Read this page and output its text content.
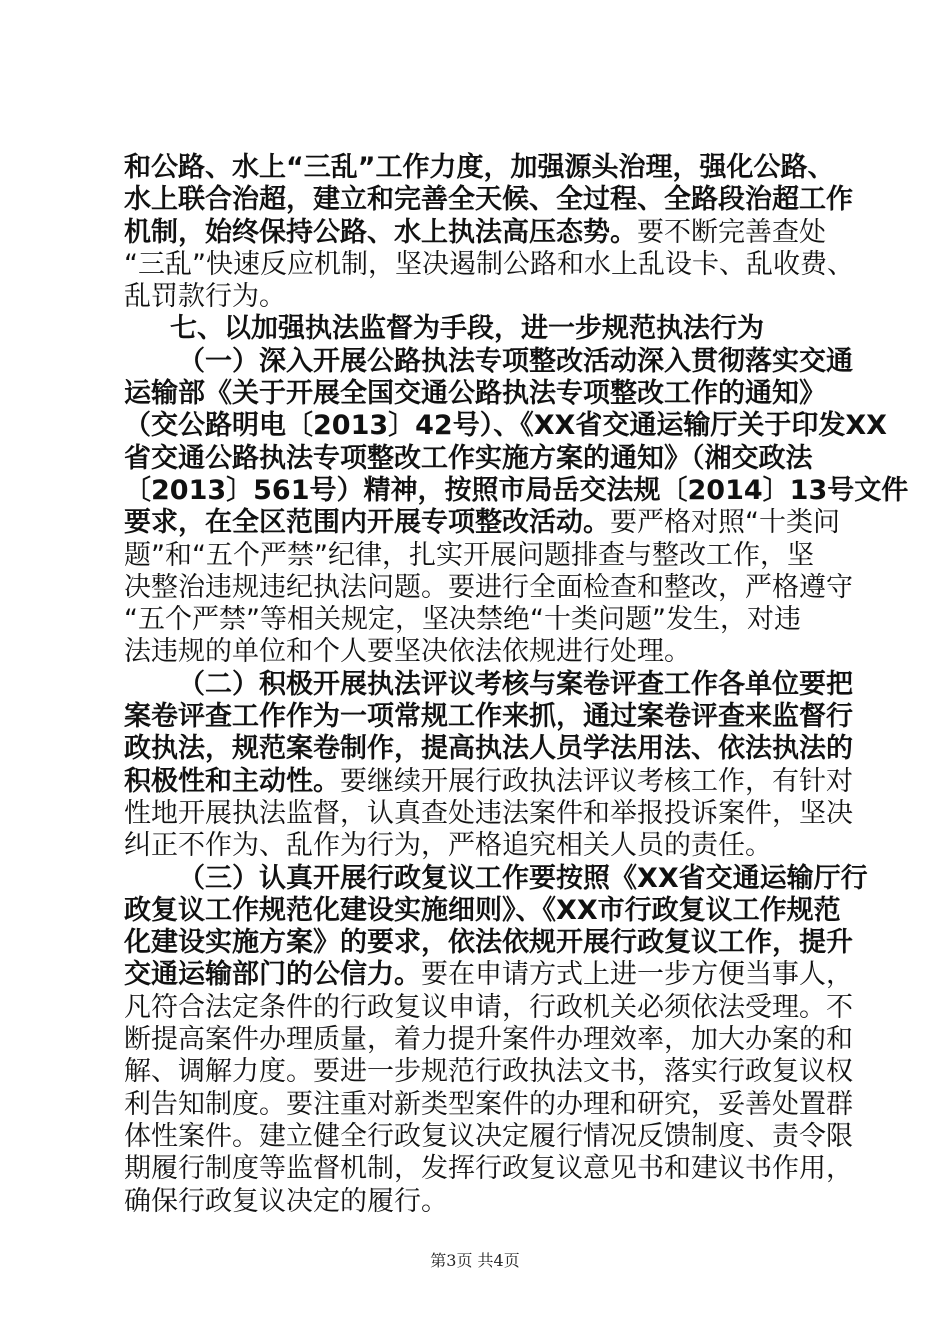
和公路、水上“三乱”工作力度，加强源头治理，强化公路、
水上联合治超，建立和完善全天候、全过程、全路段治超工作
机制，始终保持公路、水上执法高压态势。要不断完善查处
“三乱”快速反应机制，坚决遏制公路和水上乱设卡、乱收费、
乱罚款行为。
七、以加强执法监督为手段，进一步规范执法行为
（一）深入开展公路执法专项整改活动深入贯彻落实交通
运输部《关于开展全国交通公路执法专项整改工作的通知》
（交公路明电〔2013〕42号）、《XX省交通运输厅关于印发XX
省交通公路执法专项整改工作实施方案的通知》（湘交政法
〔2013〕561号）精神，按照市局岳交法规〔2014〕13号文件
要求，在全区范围内开展专项整改活动。要严格对照“十类问
题”和“五个严禁”纪律，扎实开展问题排查与整改工作，坚
决整治违规违纪执法问题。要进行全面检查和整改，严格遵守
“五个严禁”等相关规定，坚决禁绝“十类问题”发生，对违
法违规的单位和个人要坚决依法依规进行处理。
（二）积极开展执法评议考核与案卷评查工作各单位要把
案卷评查工作作为一项常规工作来抓，通过案卷评查来监督行
政执法，规范案卷制作，提高执法人员学法用法、依法执法的
积极性和主动性。要继续开展行政执法评议考核工作，有针对
性地开展执法监督，认真查处违法案件和举报投诉案件，坚决
纠正不作为、乱作为行为，严格追究相关人员的责任。
（三）认真开展行政复议工作要按照《XX省交通运输厅行
政复议工作规范化建设实施细则》、《XX市行政复议工作规范
化建设实施方案》的要求，依法依规开展行政复议工作，提升
交通运输部门的公信力。要在申请方式上进一步方便当事人，
凡符合法定条件的行政复议申请，行政机关必须依法受理。不
断提高案件办理质量，着力提升案件办理效率，加大办案的和
解、调解力度。要进一步规范行政执法文书，落实行政复议权
利告知制度。要注重对新类型案件的办理和研究，妥善处置群
体性案件。建立健全行政复议决定履行情况反馈制度、责令限
期履行制度等监督机制，发挥行政复议意见书和建议书作用，
确保行政复议决定的履行。
第3页 共4页
